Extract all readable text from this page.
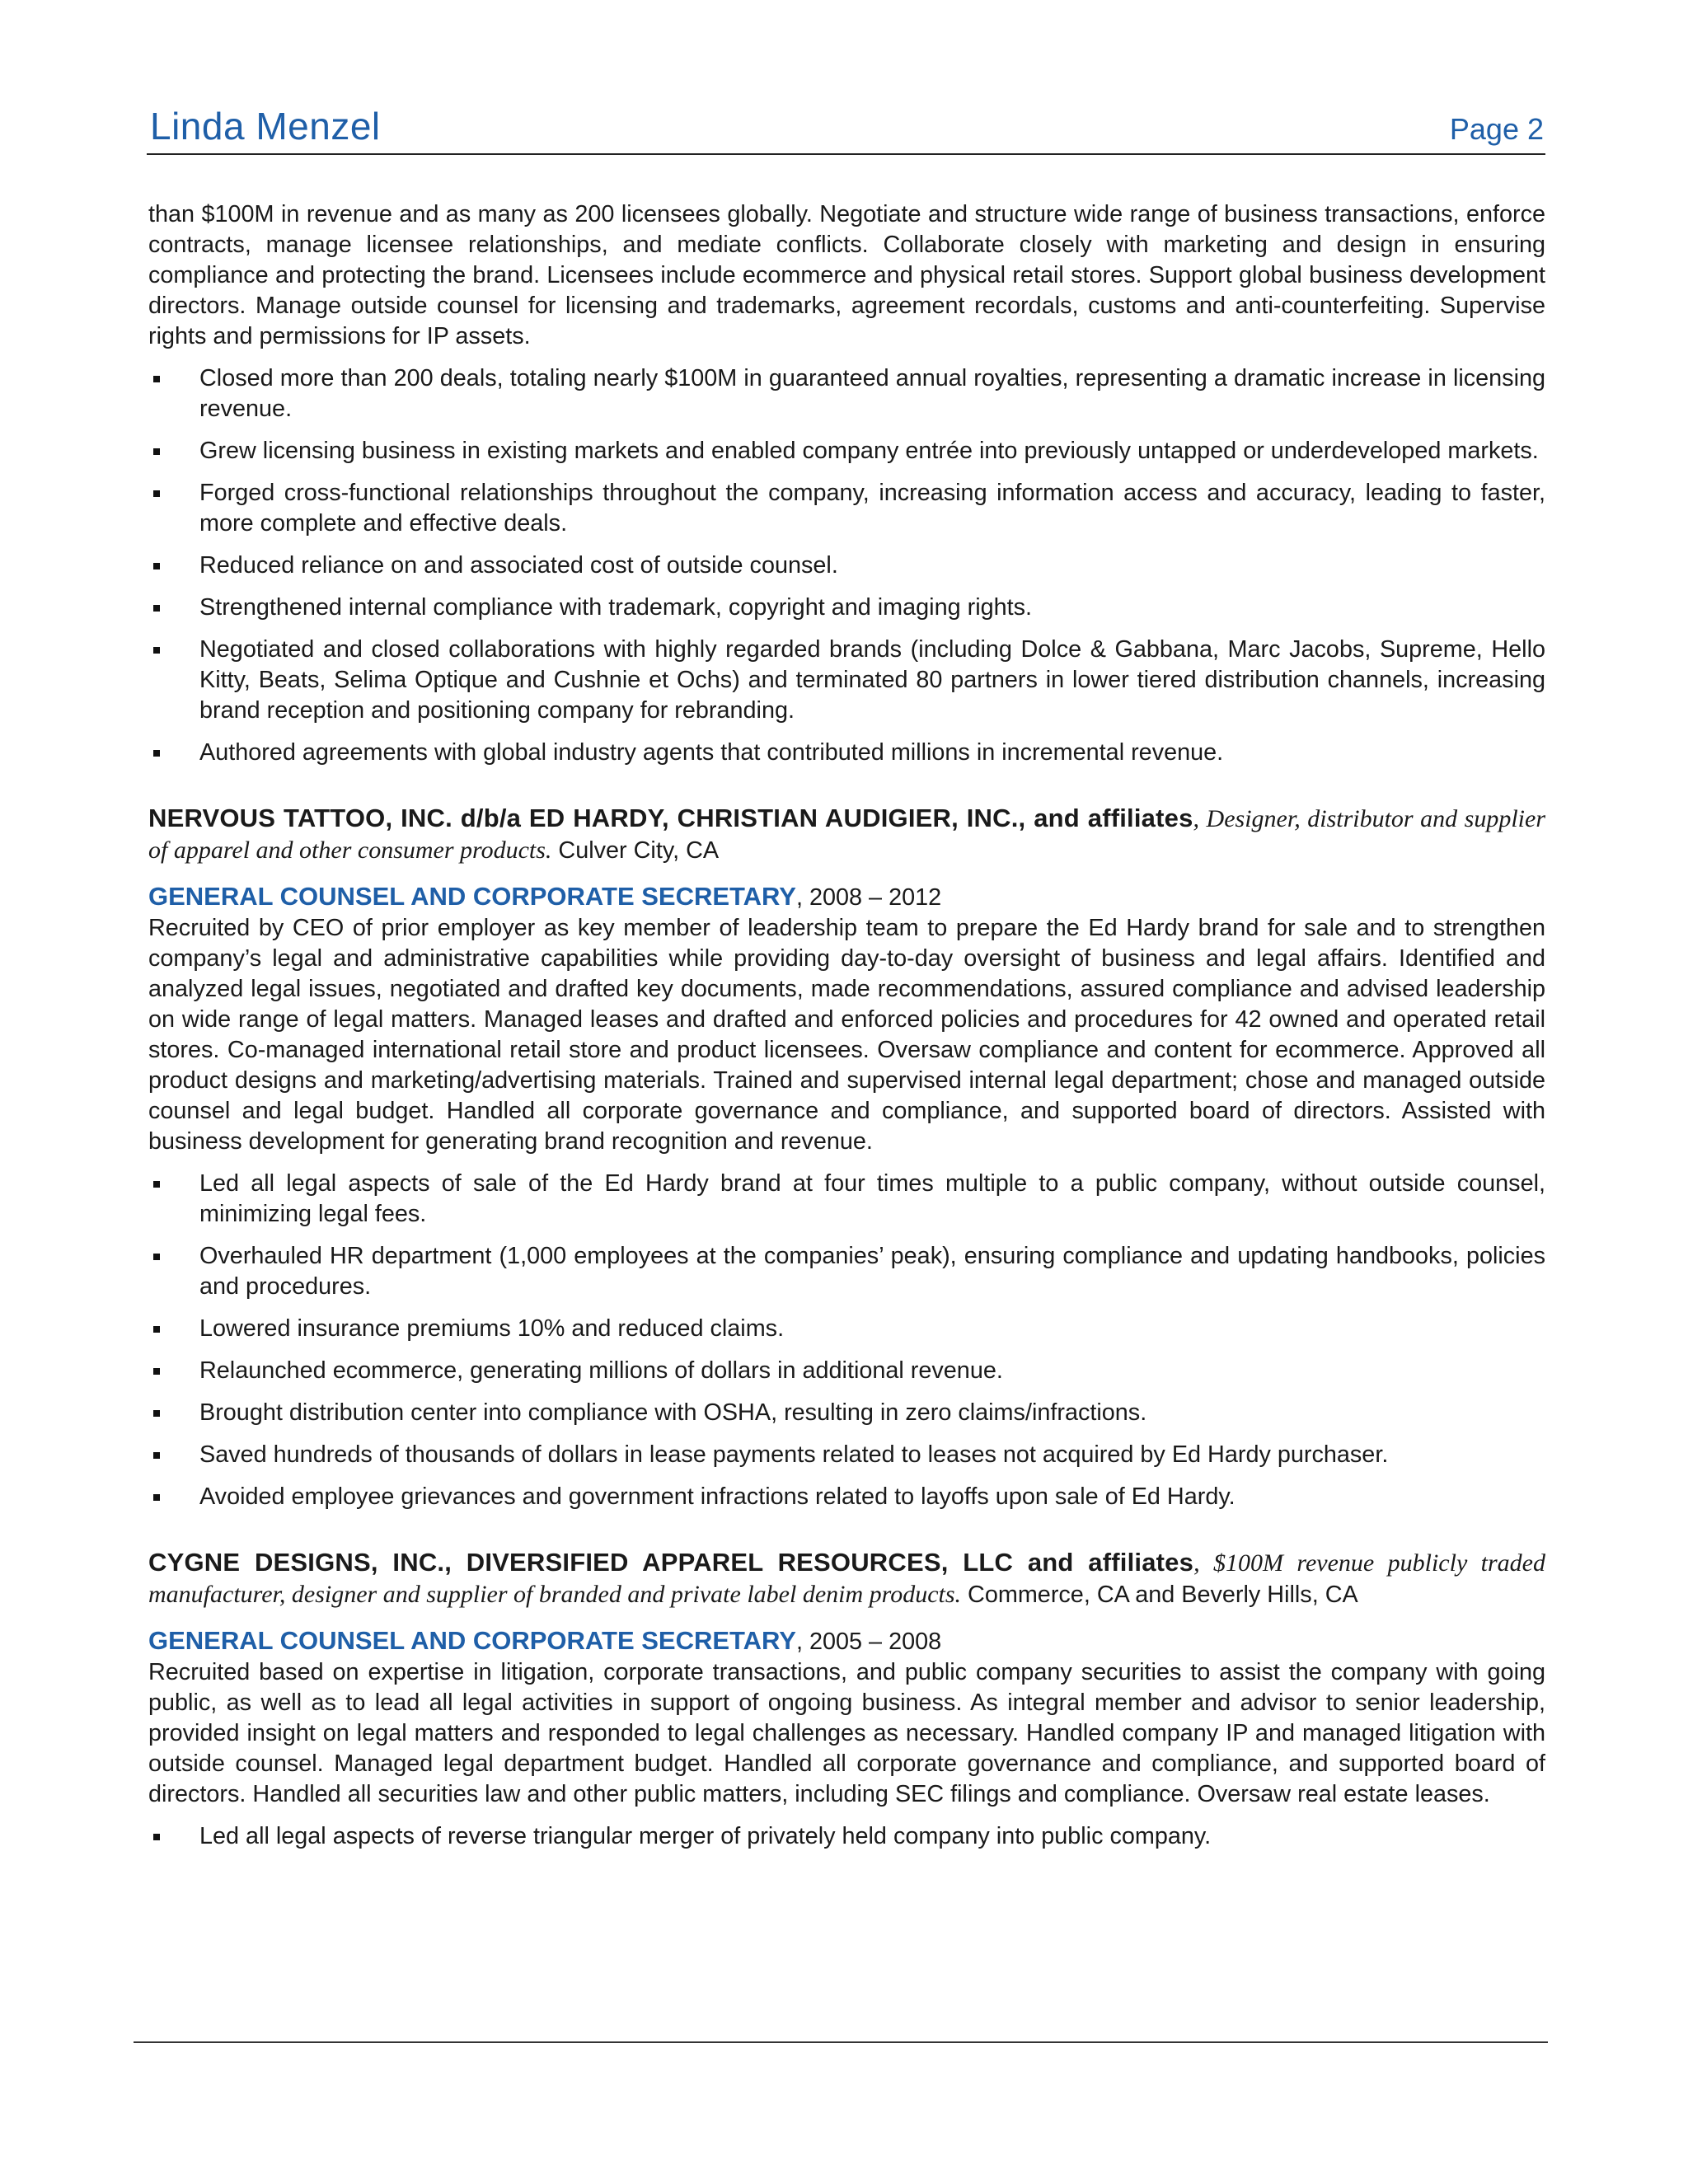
Linda Menzel	Page 2

than $100M in revenue and as many as 200 licensees globally. Negotiate and structure wide range of business transactions, enforce contracts, manage licensee relationships, and mediate conflicts. Collaborate closely with marketing and design in ensuring compliance and protecting the brand. Licensees include ecommerce and physical retail stores. Support global business development directors. Manage outside counsel for licensing and trademarks, agreement recordals, customs and anti-counterfeiting. Supervise rights and permissions for IP assets.

Closed more than 200 deals, totaling nearly $100M in guaranteed annual royalties, representing a dramatic increase in licensing revenue.
Grew licensing business in existing markets and enabled company entrée into previously untapped or underdeveloped markets.
Forged cross-functional relationships throughout the company, increasing information access and accuracy, leading to faster, more complete and effective deals.
Reduced reliance on and associated cost of outside counsel.
Strengthened internal compliance with trademark, copyright and imaging rights.
Negotiated and closed collaborations with highly regarded brands (including Dolce & Gabbana, Marc Jacobs, Supreme, Hello Kitty, Beats, Selima Optique and Cushnie et Ochs) and terminated 80 partners in lower tiered distribution channels, increasing brand reception and positioning company for rebranding.
Authored agreements with global industry agents that contributed millions in incremental revenue.

NERVOUS TATTOO, INC. d/b/a ED HARDY, CHRISTIAN AUDIGIER, INC., and affiliates, Designer, distributor and supplier of apparel and other consumer products. Culver City, CA

GENERAL COUNSEL AND CORPORATE SECRETARY, 2008 – 2012

Recruited by CEO of prior employer as key member of leadership team to prepare the Ed Hardy brand for sale and to strengthen company’s legal and administrative capabilities while providing day-to-day oversight of business and legal affairs. Identified and analyzed legal issues, negotiated and drafted key documents, made recommendations, assured compliance and advised leadership on wide range of legal matters. Managed leases and drafted and enforced policies and procedures for 42 owned and operated retail stores. Co-managed international retail store and product licensees. Oversaw compliance and content for ecommerce. Approved all product designs and marketing/advertising materials. Trained and supervised internal legal department; chose and managed outside counsel and legal budget. Handled all corporate governance and compliance, and supported board of directors. Assisted with business development for generating brand recognition and revenue.

Led all legal aspects of sale of the Ed Hardy brand at four times multiple to a public company, without outside counsel, minimizing legal fees.
Overhauled HR department (1,000 employees at the companies’ peak), ensuring compliance and updating handbooks, policies and procedures.
Lowered insurance premiums 10% and reduced claims.
Relaunched ecommerce, generating millions of dollars in additional revenue.
Brought distribution center into compliance with OSHA, resulting in zero claims/infractions.
Saved hundreds of thousands of dollars in lease payments related to leases not acquired by Ed Hardy purchaser.
Avoided employee grievances and government infractions related to layoffs upon sale of Ed Hardy.

CYGNE DESIGNS, INC., DIVERSIFIED APPAREL RESOURCES, LLC and affiliates, $100M revenue publicly traded manufacturer, designer and supplier of branded and private label denim products. Commerce, CA and Beverly Hills, CA

GENERAL COUNSEL AND CORPORATE SECRETARY, 2005 – 2008

Recruited based on expertise in litigation, corporate transactions, and public company securities to assist the company with going public, as well as to lead all legal activities in support of ongoing business. As integral member and advisor to senior leadership, provided insight on legal matters and responded to legal challenges as necessary. Handled company IP and managed litigation with outside counsel. Managed legal department budget. Handled all corporate governance and compliance, and supported board of directors. Handled all securities law and other public matters, including SEC filings and compliance. Oversaw real estate leases.

Led all legal aspects of reverse triangular merger of privately held company into public company.
